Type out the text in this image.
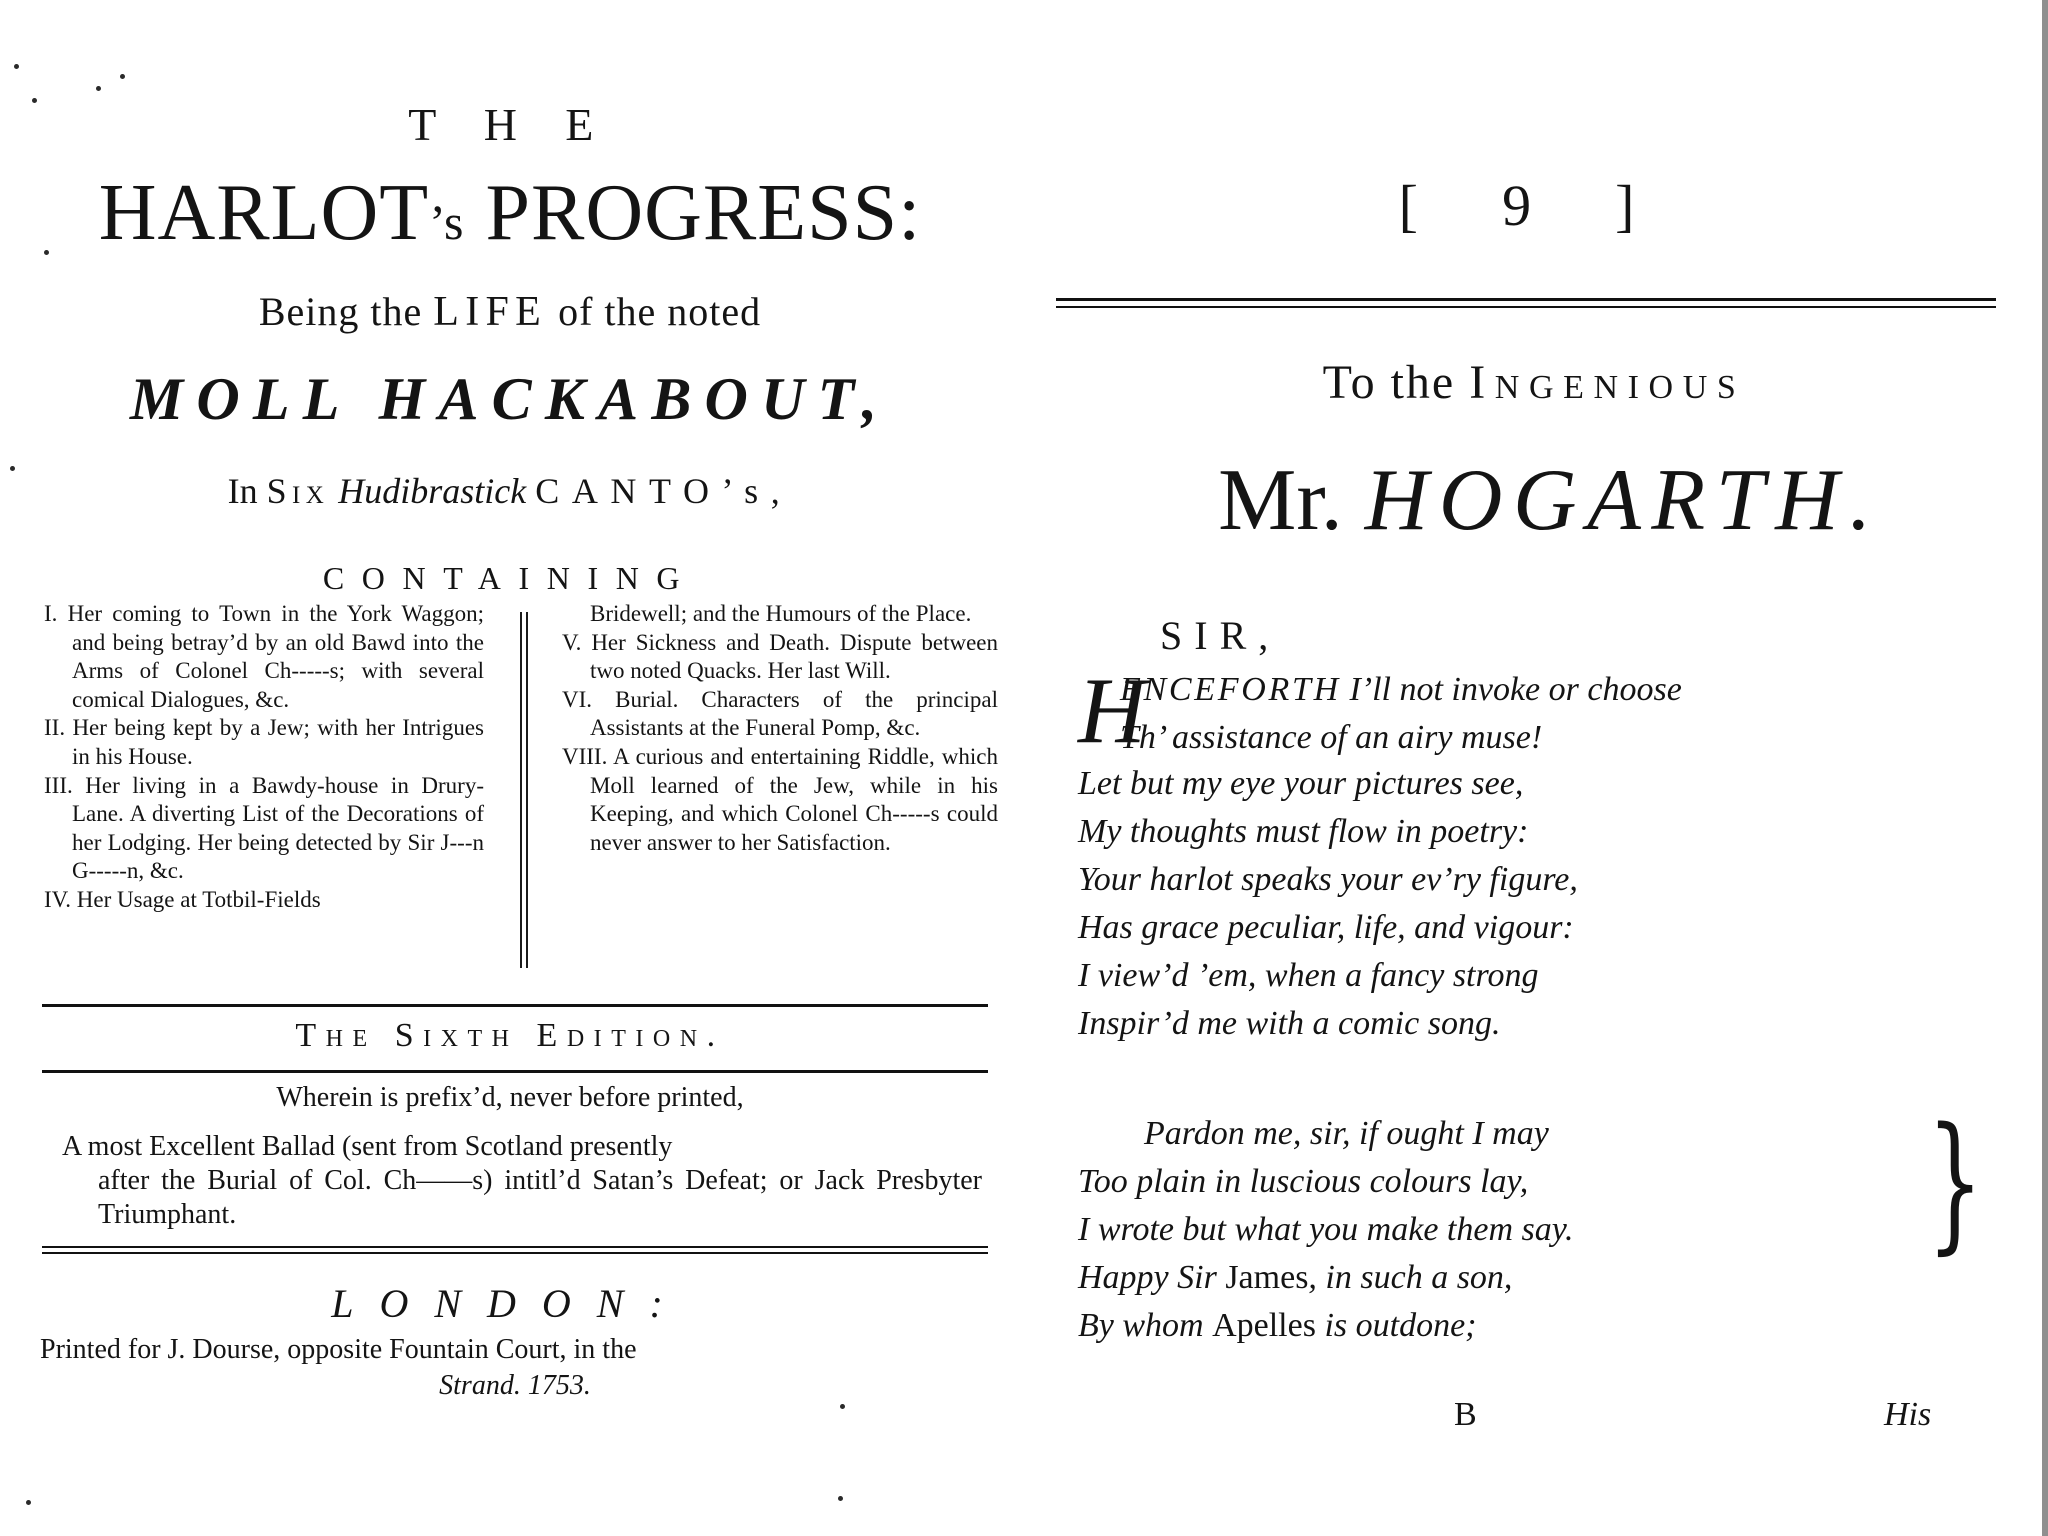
T H E
HARLOT’s PROGRESS:
Being the LIFE of the noted
MOLL HACKABOUT,
In Six Hudibrastick CANTO’s,
CONTAINING
I. Her coming to Town in the York Waggon; and being betray’d by an old Bawd into the Arms of Colonel Ch-----s; with several comical Dialogues, &c.
II. Her being kept by a Jew; with her Intrigues in his House.
III. Her living in a Bawdy-house in Drury-Lane. A diverting List of the Decorations of her Lodging. Her being detected by Sir J---n G-----n, &c.
IV. Her Usage at Totbil-Fields
Bridewell; and the Humours of the Place.
V. Her Sickness and Death. Dispute between two noted Quacks. Her last Will.
VI. Burial. Characters of the principal Assistants at the Funeral Pomp, &c.
VIII. A curious and entertaining Riddle, which Moll learned of the Jew, while in his Keeping, and which Colonel Ch-----s could never answer to her Satisfaction.
The Sixth Edition.
Wherein is prefix’d, never before printed,
A most Excellent Ballad (sent from Scotland presently
after the Burial of Col. Ch——s) intitl’d Satan’s Defeat; or Jack Presbyter Triumphant.
LONDON:
Printed for J. Dourse, opposite Fountain Court, in the
Strand. 1753.
[ 9 ]
To the Ingenious
Mr. HOGARTH.
SIR,
H
ENCEFORTH I’ll not invoke or choose
Th’ assistance of an airy muse!
Let but my eye your pictures see,
My thoughts must flow in poetry:
Your harlot speaks your ev’ry figure,
Has grace peculiar, life, and vigour:
I view’d ’em, when a fancy strong
Inspir’d me with a comic song.
Pardon me, sir, if ought I may
Too plain in luscious colours lay,
I wrote but what you make them say.
Happy Sir James, in such a son,
By whom Apelles is outdone;
}
B	His
